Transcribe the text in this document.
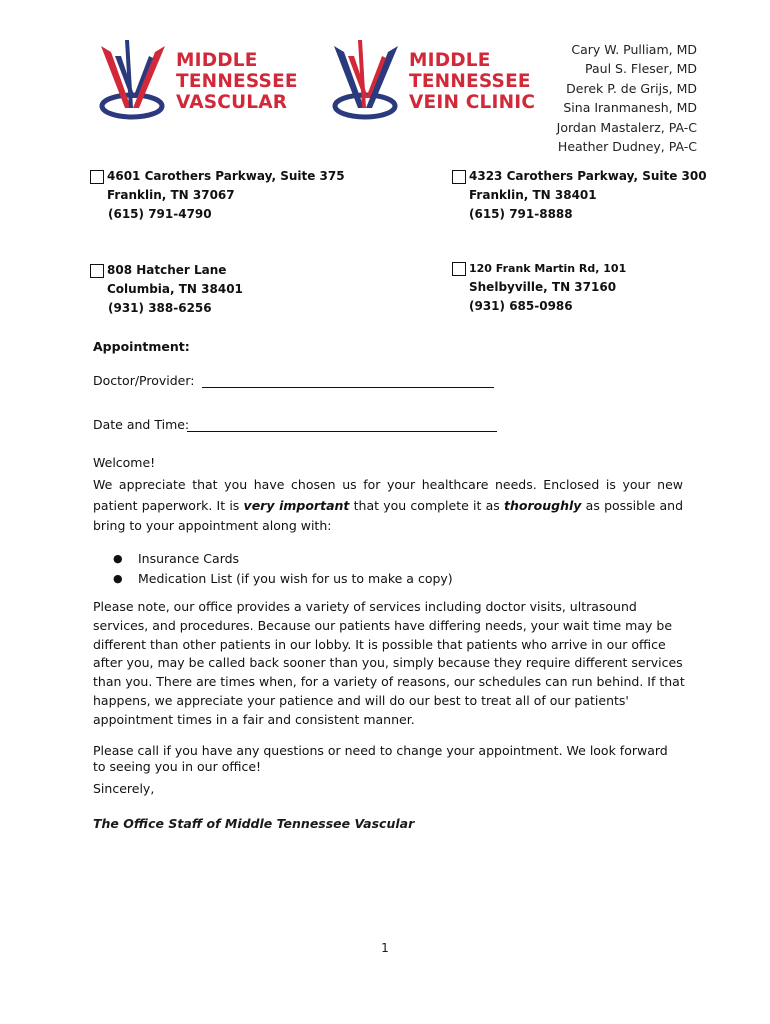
MIDDLE
TENNESSEE
VASCULAR
MIDDLE
TENNESSEE
VEIN CLINIC
Cary W. Pulliam, MD
Paul S. Fleser, MD
Derek P. de Grijs, MD
Sina Iranmanesh, MD
Jordan Mastalerz, PA-C
Heather Dudney, PA-C
4601 Carothers Parkway, Suite 375
Franklin, TN 37067
(615) 791-4790
4323 Carothers Parkway, Suite 300
Franklin, TN 38401
(615) 791-8888
808 Hatcher Lane
Columbia, TN 38401
(931) 388-6256
120 Frank Martin Rd, 101
Shelbyville, TN 37160
(931) 685-0986
Appointment:
Doctor/Provider:
Date and Time:
Welcome!
We appreciate that you have chosen us for your healthcare needs. Enclosed is your new patient paperwork. It is very important that you complete it as thoroughly as possible and bring to your appointment along with:
●	Insurance Cards
●	Medication List (if you wish for us to make a copy)
Please note, our office provides a variety of services including doctor visits, ultrasound services, and procedures. Because our patients have differing needs, your wait time may be different than other patients in our lobby. It is possible that patients who arrive in our office after you, may be called back sooner than you, simply because they require different services than you. There are times when, for a variety of reasons, our schedules can run behind. If that happens, we appreciate your patience and will do our best to treat all of our patients' appointment times in a fair and consistent manner.
Please call if you have any questions or need to change your appointment. We look forward to seeing you in our office!
Sincerely,
The Office Staff of Middle Tennessee Vascular
1
